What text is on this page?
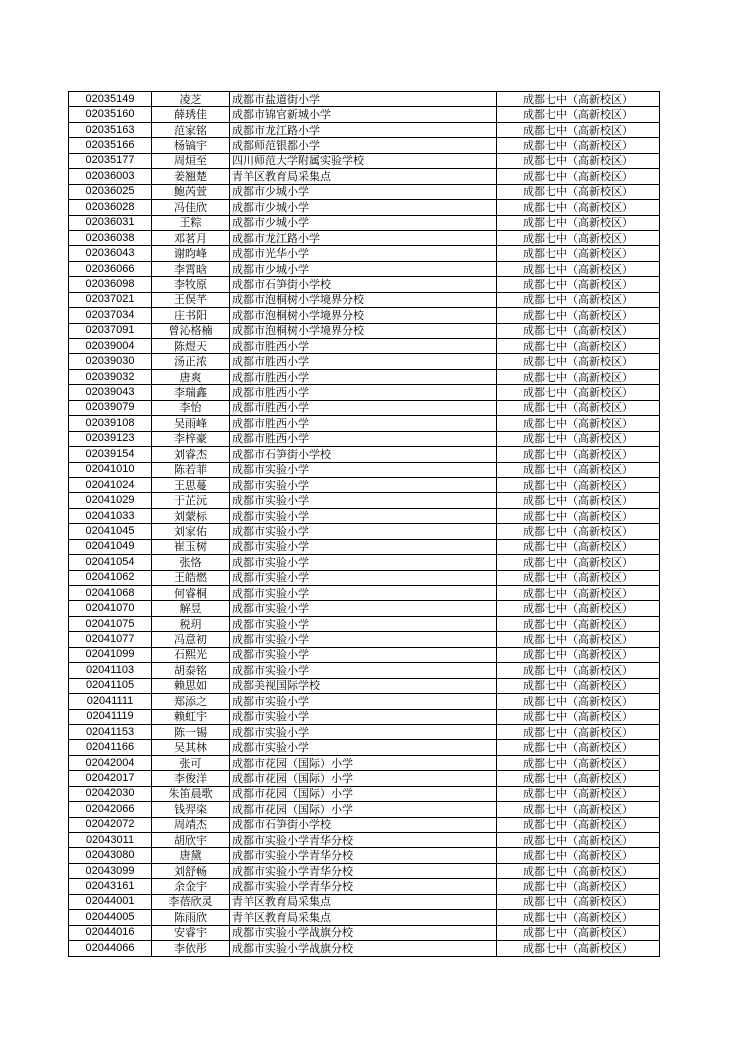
02035149	凌芝	成都市盐道街小学	成都七中（高新校区）
02035160	薛琇佳	成都市锦官新城小学	成都七中（高新校区）
02035163	范家铭	成都市龙江路小学	成都七中（高新校区）
02035166	杨镐宇	成都师范银都小学	成都七中（高新校区）
02035177	周烜至	四川师范大学附属实验学校	成都七中（高新校区）
02036003	姜翘楚	青羊区教育局采集点	成都七中（高新校区）
02036025	鲍芮萱	成都市少城小学	成都七中（高新校区）
02036028	冯佳欣	成都市少城小学	成都七中（高新校区）
02036031	王粽	成都市少城小学	成都七中（高新校区）
02036038	邓茗月	成都市龙江路小学	成都七中（高新校区）
02036043	谢昀峰	成都市光华小学	成都七中（高新校区）
02036066	李霄晗	成都市少城小学	成都七中（高新校区）
02036098	李牧原	成都市石笋街小学校	成都七中（高新校区）
02037021	王俣芊	成都市泡桐树小学境界分校	成都七中（高新校区）
02037034	庄书阳	成都市泡桐树小学境界分校	成都七中（高新校区）
02037091	曾沁格楠	成都市泡桐树小学境界分校	成都七中（高新校区）
02039004	陈煜天	成都市胜西小学	成都七中（高新校区）
02039030	汤正浓	成都市胜西小学	成都七中（高新校区）
02039032	唐爽	成都市胜西小学	成都七中（高新校区）
02039043	李瑞鑫	成都市胜西小学	成都七中（高新校区）
02039079	李怡	成都市胜西小学	成都七中（高新校区）
02039108	吴雨峰	成都市胜西小学	成都七中（高新校区）
02039123	李梓豪	成都市胜西小学	成都七中（高新校区）
02039154	刘睿杰	成都市石笋街小学校	成都七中（高新校区）
02041010	陈若菲	成都市实验小学	成都七中（高新校区）
02041024	王思蔓	成都市实验小学	成都七中（高新校区）
02041029	于芷沅	成都市实验小学	成都七中（高新校区）
02041033	刘蒙标	成都市实验小学	成都七中（高新校区）
02041045	刘家佑	成都市实验小学	成都七中（高新校区）
02041049	崔玉树	成都市实验小学	成都七中（高新校区）
02041054	张恪	成都市实验小学	成都七中（高新校区）
02041062	王皓燃	成都市实验小学	成都七中（高新校区）
02041068	何睿桐	成都市实验小学	成都七中（高新校区）
02041070	解昱	成都市实验小学	成都七中（高新校区）
02041075	税玥	成都市实验小学	成都七中（高新校区）
02041077	冯意初	成都市实验小学	成都七中（高新校区）
02041099	石熙光	成都市实验小学	成都七中（高新校区）
02041103	胡泰铭	成都市实验小学	成都七中（高新校区）
02041105	赖思如	成都美视国际学校	成都七中（高新校区）
02041111	郑添之	成都市实验小学	成都七中（高新校区）
02041119	赖虹宇	成都市实验小学	成都七中（高新校区）
02041153	陈一锡	成都市实验小学	成都七中（高新校区）
02041166	吴其林	成都市实验小学	成都七中（高新校区）
02042004	张可	成都市花园（国际）小学	成都七中（高新校区）
02042017	李俊洋	成都市花园（国际）小学	成都七中（高新校区）
02042030	朱笛晨歌	成都市花园（国际）小学	成都七中（高新校区）
02042066	钱羿栥	成都市花园（国际）小学	成都七中（高新校区）
02042072	周靖杰	成都市石笋街小学校	成都七中（高新校区）
02043011	胡欣宇	成都市实验小学青华分校	成都七中（高新校区）
02043080	唐黛	成都市实验小学青华分校	成都七中（高新校区）
02043099	刘舒畅	成都市实验小学青华分校	成都七中（高新校区）
02043161	余金宇	成都市实验小学青华分校	成都七中（高新校区）
02044001	李蓓欣灵	青羊区教育局采集点	成都七中（高新校区）
02044005	陈雨欣	青羊区教育局采集点	成都七中（高新校区）
02044016	安睿宇	成都市实验小学战旗分校	成都七中（高新校区）
02044066	李依彤	成都市实验小学战旗分校	成都七中（高新校区）
